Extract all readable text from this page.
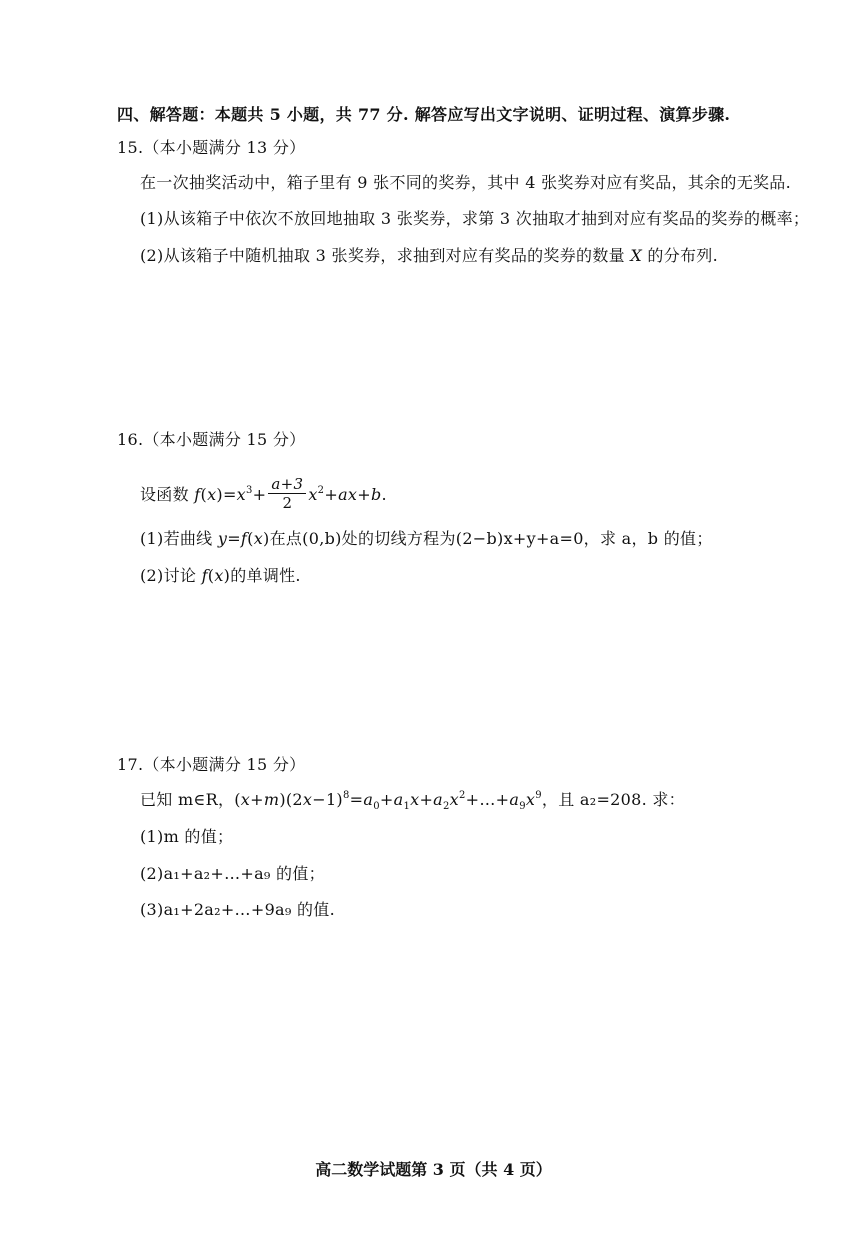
四、解答题：本题共 5 小题，共 77 分. 解答应写出文字说明、证明过程、演算步骤.
15.（本小题满分 13 分）
在一次抽奖活动中，箱子里有 9 张不同的奖券，其中 4 张奖券对应有奖品，其余的无奖品.
(1)从该箱子中依次不放回地抽取 3 张奖券，求第 3 次抽取才抽到对应有奖品的奖券的概率；
(2)从该箱子中随机抽取 3 张奖券，求抽到对应有奖品的奖券的数量 X 的分布列.
16.（本小题满分 15 分）
设函数 $f(x)=x^3+ \frac{a+3}{2} x^2+ax+b$.
(1)若曲线 y=f(x)在点(0,b)处的切线方程为(2−b)x+y+a=0，求 a，b 的值；
(2)讨论 f(x)的单调性.
17.（本小题满分 15 分）
已知 m∈R，$(x+m)(2x-1)^8=a_0+a_1x+a_2x^2+\dots+a_9x^9$，且 a₂=208. 求：
(1)m 的值；
(2)a₁+a₂+…+a₉ 的值；
(3)a₁+2a₂+…+9a₉ 的值.
高二数学试题第 3 页（共 4 页）
